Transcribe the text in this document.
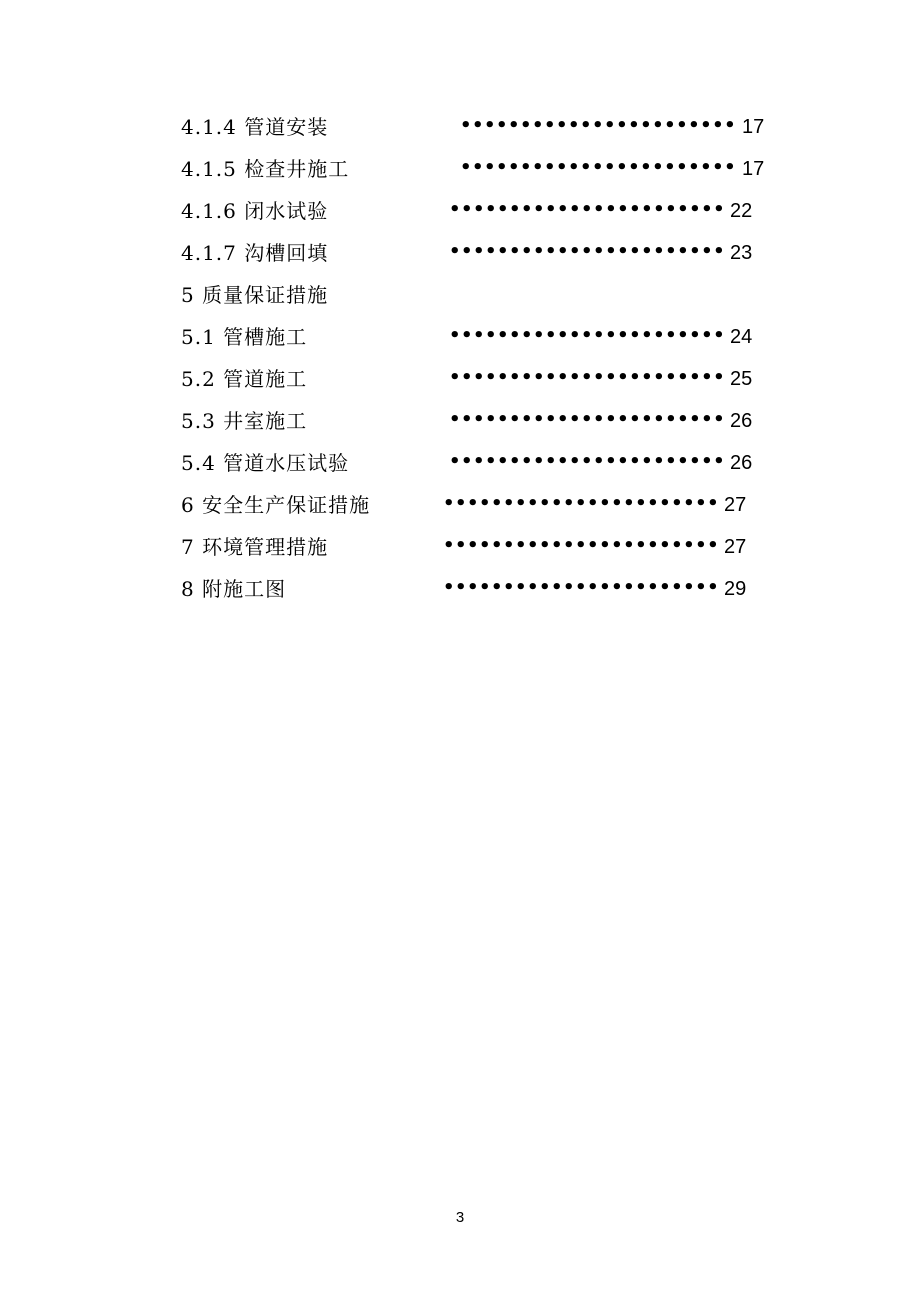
4.1.4 管道安装	••••••••••••••••••••••• 17
4.1.5 检查井施工	••••••••••••••••••••••• 17
4.1.6 闭水试验	••••••••••••••••••••••• 22
4.1.7 沟槽回填	••••••••••••••••••••••• 23
5 质量保证措施
5.1 管槽施工	••••••••••••••••••••••• 24
5.2 管道施工	••••••••••••••••••••••• 25
5.3 井室施工	••••••••••••••••••••••• 26
5.4 管道水压试验	••••••••••••••••••••••• 26
6 安全生产保证措施	••••••••••••••••••••••• 27
7 环境管理措施	••••••••••••••••••••••• 27
8 附施工图	••••••••••••••••••••••• 29
3
